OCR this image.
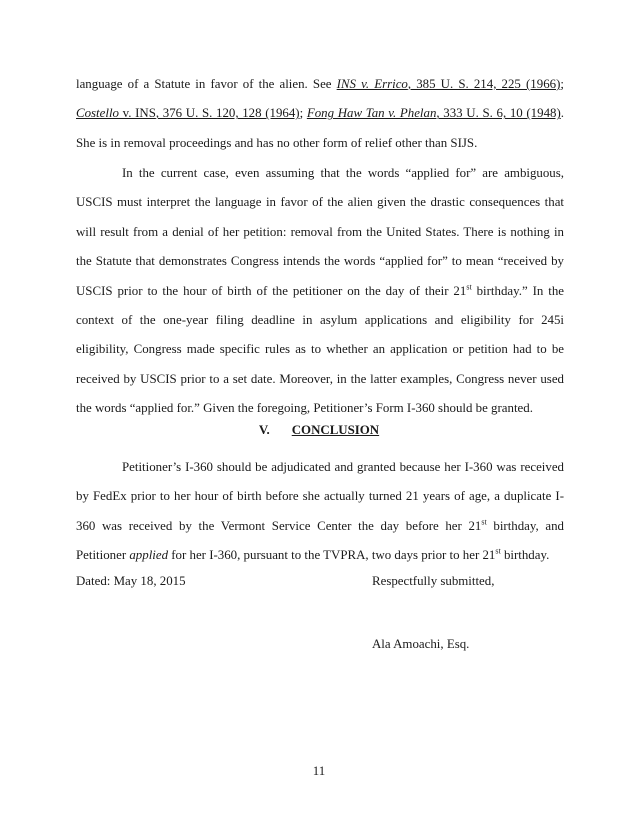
language of a Statute in favor of the alien. See INS v. Errico, 385 U. S. 214, 225 (1966); Costello v. INS, 376 U. S. 120, 128 (1964); Fong Haw Tan v. Phelan, 333 U. S. 6, 10 (1948). She is in removal proceedings and has no other form of relief other than SIJS.

In the current case, even assuming that the words “applied for” are ambiguous, USCIS must interpret the language in favor of the alien given the drastic consequences that will result from a denial of her petition: removal from the United States. There is nothing in the Statute that demonstrates Congress intends the words “applied for” to mean “received by USCIS prior to the hour of birth of the petitioner on the day of their 21st birthday.” In the context of the one-year filing deadline in asylum applications and eligibility for 245i eligibility, Congress made specific rules as to whether an application or petition had to be received by USCIS prior to a set date. Moreover, in the latter examples, Congress never used the words “applied for.” Given the foregoing, Petitioner’s Form I-360 should be granted.

V. CONCLUSION

Petitioner’s I-360 should be adjudicated and granted because her I-360 was received by FedEx prior to her hour of birth before she actually turned 21 years of age, a duplicate I-360 was received by the Vermont Service Center the day before her 21st birthday, and Petitioner applied for her I-360, pursuant to the TVPRA, two days prior to her 21st birthday.

Dated: May 18, 2015	Respectfully submitted,

Ala Amoachi, Esq.

11
